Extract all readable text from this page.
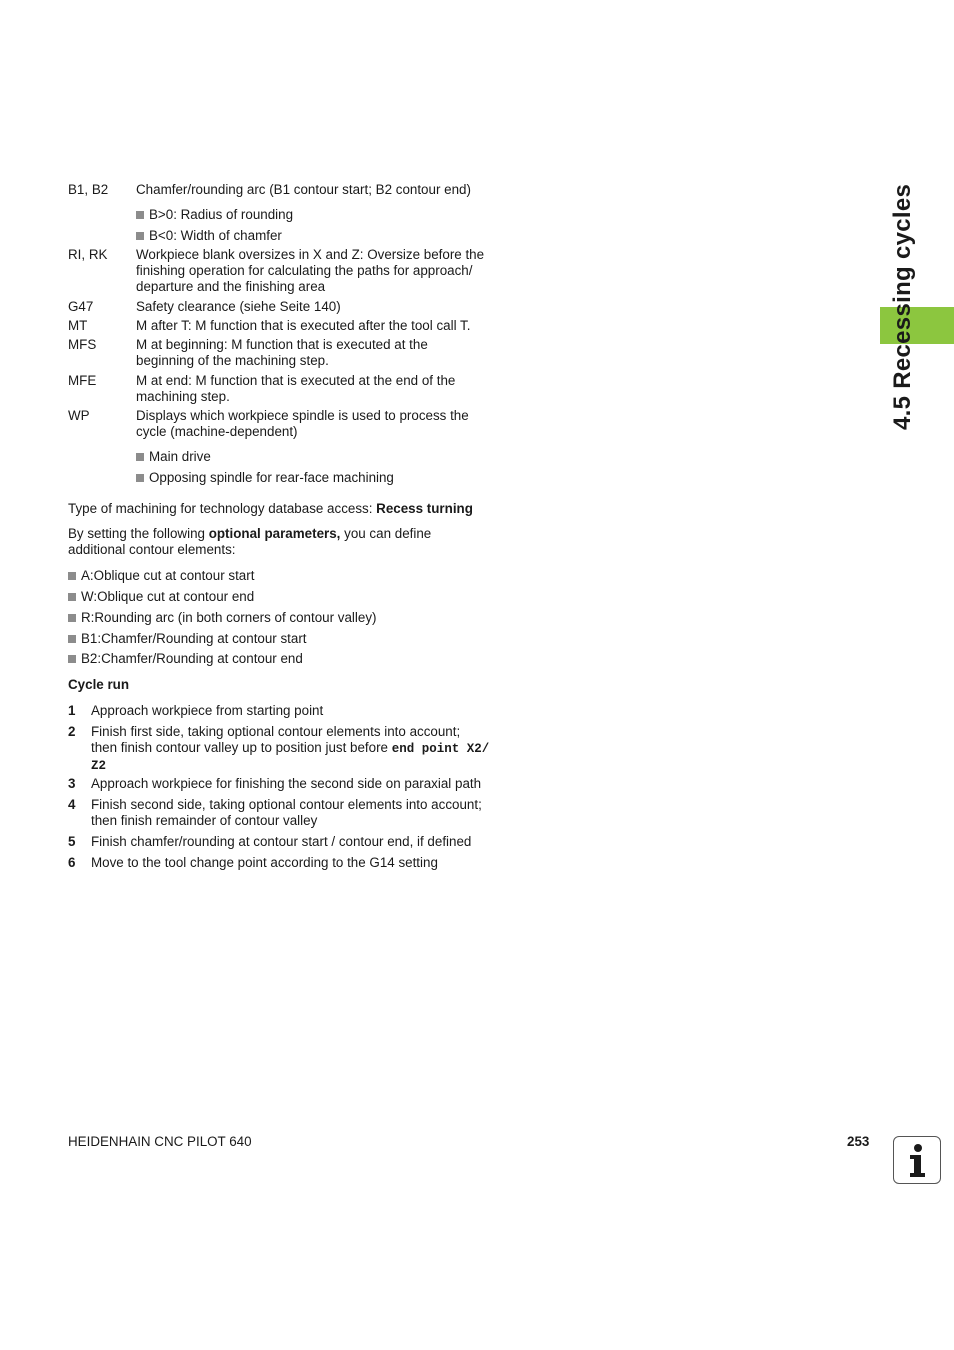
4.5 Recessing cycles
B1, B2 Chamfer/rounding arc (B1 contour start; B2 contour end)
B>0: Radius of rounding
B<0: Width of chamfer
RI, RK Workpiece blank oversizes in X and Z: Oversize before the
finishing operation for calculating the paths for approach/
departure and the finishing area
G47	Safety clearance (siehe Seite 140)
MT	M after T: M function that is executed after the tool call T.
MFS	M at beginning: M function that is executed at the
beginning of the machining step.
MFE	M at end: M function that is executed at the end of the
machining step.
WP	Displays which workpiece spindle is used to process the
cycle (machine-dependent)
Main drive
Opposing spindle for rear-face machining
Type of machining for technology database access: Recess turning
By setting the following optional parameters, you can define
additional contour elements:
A:Oblique cut at contour start
W:Oblique cut at contour end
R:Rounding arc (in both corners of contour valley)
B1:Chamfer/Rounding at contour start
B2:Chamfer/Rounding at contour end
Cycle run
1 Approach workpiece from starting point
2 Finish first side, taking optional contour elements into account;
then finish contour valley up to position just before end point X2/
Z2
3 Approach workpiece for finishing the second side on paraxial path
4 Finish second side, taking optional contour elements into account;
then finish remainder of contour valley
5 Finish chamfer/rounding at contour start / contour end, if defined
6 Move to the tool change point according to the G14 setting
HEIDENHAIN CNC PILOT 640	253
